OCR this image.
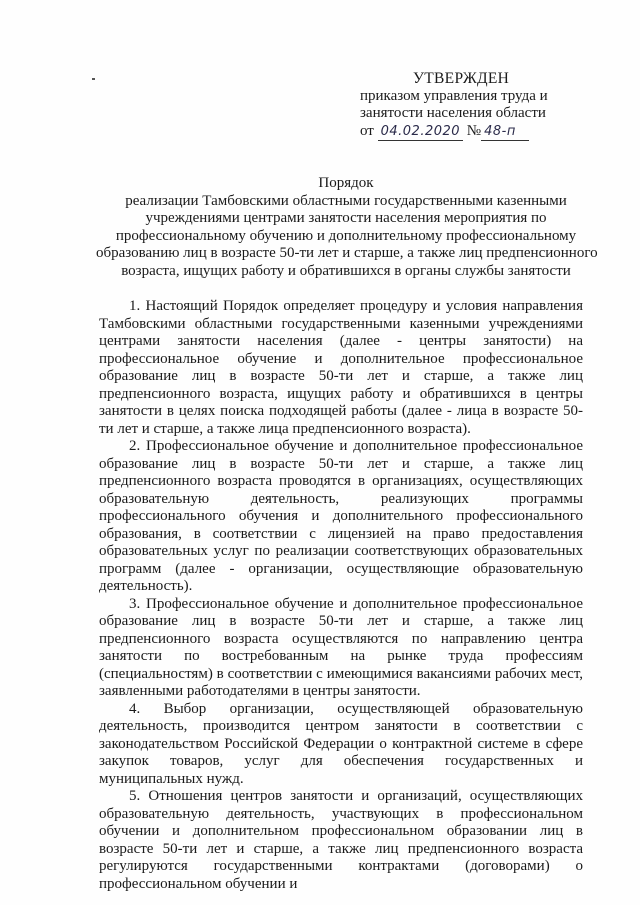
УТВЕРЖДЕН
приказом управления труда и
занятости населения области
от 04.02.2020 № 48-п
Порядок
реализации Тамбовскими областными государственными казенными
учреждениями центрами занятости населения мероприятия по
профессиональному обучению и дополнительному профессиональному
образованию лиц в возрасте 50-ти лет и старше, а также лиц предпенсионного
возраста, ищущих работу и обратившихся в органы службы занятости

1. Настоящий Порядок определяет процедуру и условия направления Тамбовскими областными государственными казенными учреждениями центрами занятости населения (далее - центры занятости) на профессиональное обучение и дополнительное профессиональное образование лиц в возрасте 50-ти лет и старше, а также лиц предпенсионного возраста, ищущих работу и обратившихся в центры занятости в целях поиска подходящей работы (далее - лица в возрасте 50-ти лет и старше, а также лица предпенсионного возраста).

2. Профессиональное обучение и дополнительное профессиональное образование лиц в возрасте 50-ти лет и старше, а также лиц предпенсионного возраста проводятся в организациях, осуществляющих образовательную деятельность, реализующих программы профессионального обучения и дополнительного профессионального образования, в соответствии с лицензией на право предоставления образовательных услуг по реализации соответствующих образовательных программ (далее - организации, осуществляющие образовательную деятельность).

3. Профессиональное обучение и дополнительное профессиональное образование лиц в возрасте 50-ти лет и старше, а также лиц предпенсионного возраста осуществляются по направлению центра занятости по востребованным на рынке труда профессиям (специальностям) в соответствии с имеющимися вакансиями рабочих мест, заявленными работодателями в центры занятости.

4. Выбор организации, осуществляющей образовательную деятельность, производится центром занятости в соответствии с законодательством Российской Федерации о контрактной системе в сфере закупок товаров, услуг для обеспечения государственных и муниципальных нужд.

5. Отношения центров занятости и организаций, осуществляющих образовательную деятельность, участвующих в профессиональном обучении и дополнительном профессиональном образовании лиц в возрасте 50-ти лет и старше, а также лиц предпенсионного возраста регулируются государственными контрактами (договорами) о профессиональном обучении и
